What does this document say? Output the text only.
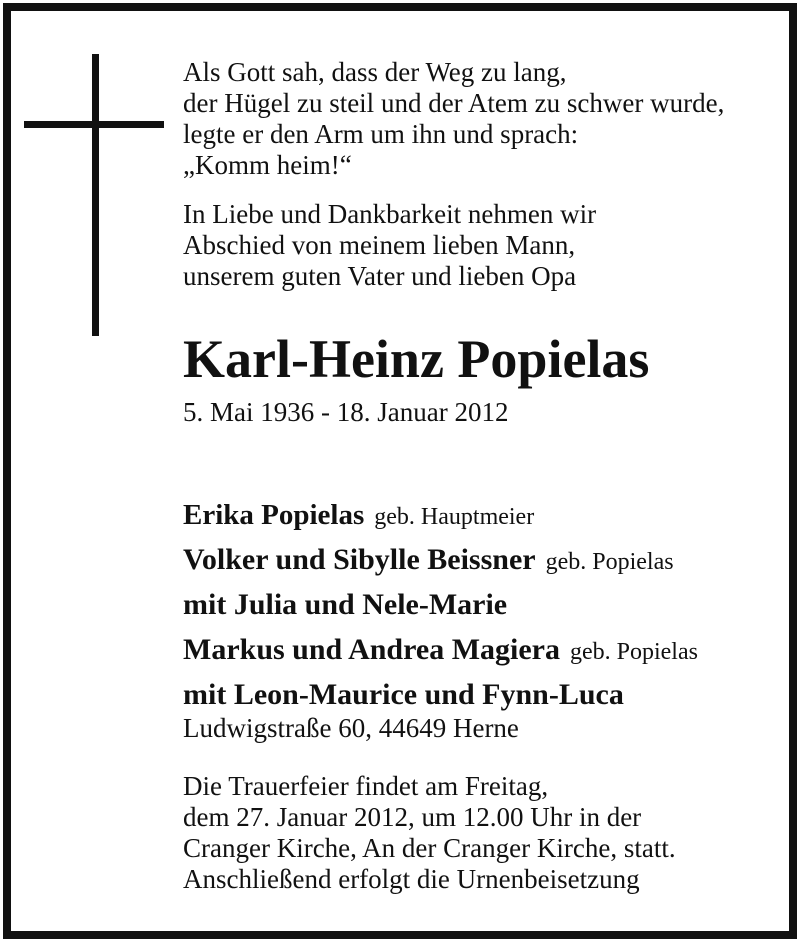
Als Gott sah, dass der Weg zu lang,
der Hügel zu steil und der Atem zu schwer wurde,
legte er den Arm um ihn und sprach:
„Komm heim!“
In Liebe und Dankbarkeit nehmen wir
Abschied von meinem lieben Mann,
unserem guten Vater und lieben Opa
Karl-Heinz Popielas
5. Mai 1936 - 18. Januar 2012
Erika Popielas geb. Hauptmeier
Volker und Sibylle Beissner geb. Popielas
mit Julia und Nele-Marie
Markus und Andrea Magiera geb. Popielas
mit Leon-Maurice und Fynn-Luca
Ludwigstraße 60, 44649 Herne
Die Trauerfeier findet am Freitag,
dem 27. Januar 2012, um 12.00 Uhr in der
Cranger Kirche, An der Cranger Kirche, statt.
Anschließend erfolgt die Urnenbeisetzung
